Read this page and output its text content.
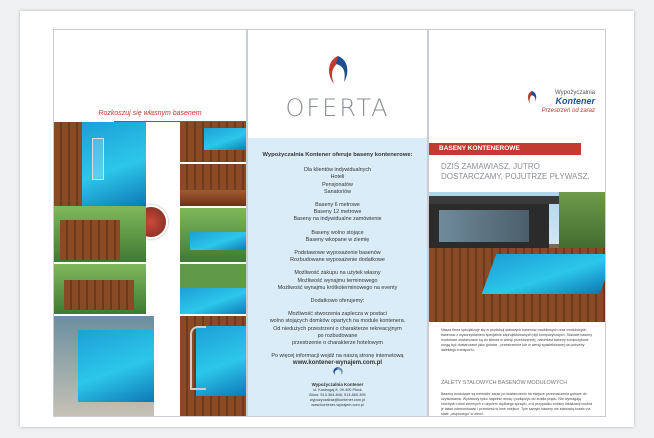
Rozkoszuj się własnym basenem	OFERTA
Wypożyczalnia Kontener oferuje baseny kontenerowe:
Dla klientów indywidualnych
Hoteli
Pensjonatów
Sanatoriów
Baseny 6 metrowe
Baseny 12 metrowe
Baseny na indywidualne zamówienie
Baseny wolno stojące
Baseny wkopane w ziemię
Podstawowe wyposażenie basenów
Rozbudowane wyposażenie dodatkowe
Możliwość zakupu na użytek własny
Możliwość wynajmu terminowego
Możliwość wynajmu krótkoterminowego na eventy
Dodatkowo oferujemy:
Możliwość stworzenia zaplecza w postaci
wolno stojących domków opartych na module kontenera.
Od niedużych przestrzeni o charakterze rekreacyjnym
po rozbudowane
przestrzenie o charakterze hotelowym
Po więcej informacji wejdź na naszą stronę internetową
www.kontener-wynajem.com.pl
Wypożyczalnia Kontener
ul. Kostrogaj 8, 09-400 Płock
Biuro: 513-364-846, 513-860-395
wypozyczalnia@kontener.com.pl
www.kontener-wynajem.com.pl
Wypożyczalnia
Kontener
Przestrzeń od zaraz
BASENY KONTENEROWE
DZIŚ ZAMAWIASZ, JUTRO DOSTARCZAMY, POJUTRZE PŁYWASZ.
Nasza firma specjalizuje się w produkcji stalowych basenów modułowych oraz modułowych basenów z wykorzystaniem specjalnie zaprojektowanych płyt kompozytowych. Stalowe baseny modułowe dostarczane są do klienta w wersji przestrzennej, natomiast baseny kompozytowe mogą być dostarczane jako gotowe - przestrzenne lub w wersji spakietowanej na potrzeby dalekiego transportu.
ZALETY STALOWYCH BASENÓW MODUŁOWYCH
Baseny modułowe są niemalże zaraz po dostarczeniu na miejsce przeznaczenia gotowe do użytkowania. Wystarczy tylko napełnić wodą i podłączyć do źródła prądu. Nie wymagają kruchych robót ziemnych z użyciem ciężkiego sprzętu, a w przypadku zmiany lokalizacji można je łatwo zdemontować i przenieść w inne miejsce. Tym samym baseny nie stanowią kosztu na stałe „utopionego” w ziemi.
